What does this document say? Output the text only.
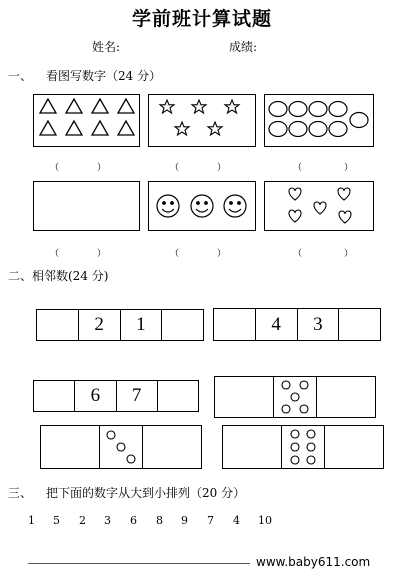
学前班计算试题
姓名:	成绩:
一、 看图写数字（24 分）
（	）	（	）	（	）
（	）	（	）	（	）
二、相邻数(24 分)
2	1	4	3
6	7
三、 把下面的数字从大到小排列（20 分）
1 5 2 3 6 8 9 7 4 10
www.baby611.com
